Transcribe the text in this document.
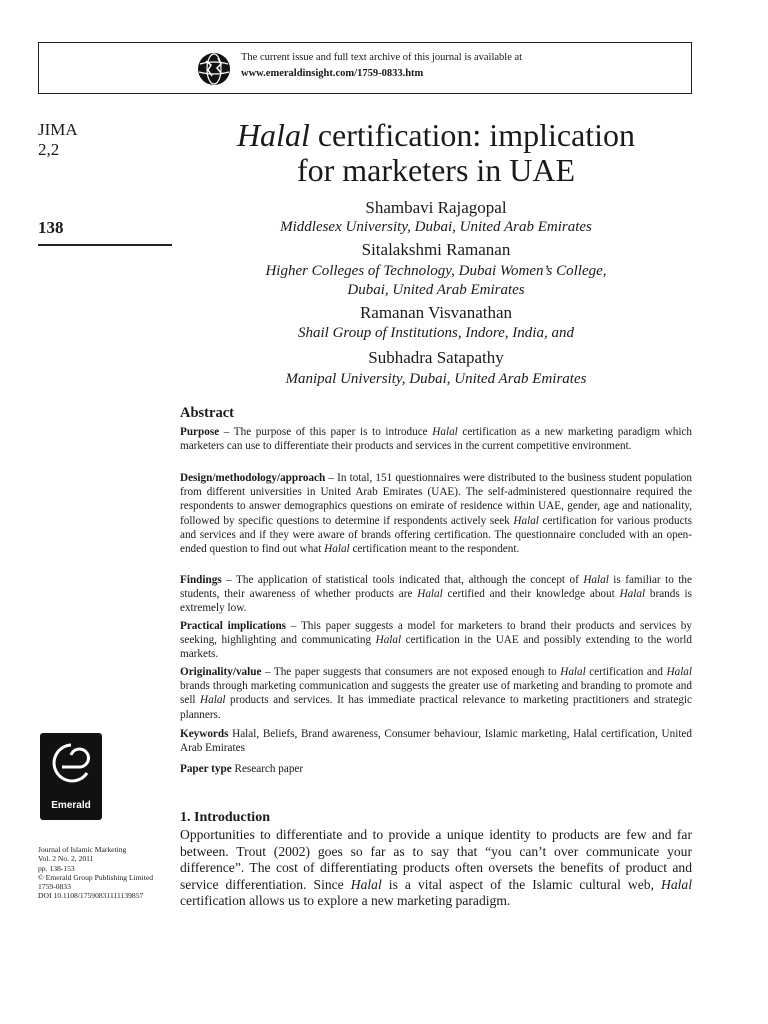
The current issue and full text archive of this journal is available at
www.emeraldinsight.com/1759-0833.htm
JIMA
2,2
138
Halal certification: implication
for marketers in UAE
Shambavi Rajagopal
Middlesex University, Dubai, United Arab Emirates
Sitalakshmi Ramanan
Higher Colleges of Technology, Dubai Women’s College,
Dubai, United Arab Emirates
Ramanan Visvanathan
Shail Group of Institutions, Indore, India, and
Subhadra Satapathy
Manipal University, Dubai, United Arab Emirates
Abstract
Purpose – The purpose of this paper is to introduce Halal certification as a new marketing paradigm which marketers can use to differentiate their products and services in the current competitive environment.
Design/methodology/approach – In total, 151 questionnaires were distributed to the business student population from different universities in United Arab Emirates (UAE). The self-administered questionnaire required the respondents to answer demographics questions on emirate of residence within UAE, gender, age and nationality, followed by specific questions to determine if respondents actively seek Halal certification for various products and services and if they were aware of brands offering certification. The questionnaire concluded with an open-ended question to find out what Halal certification meant to the respondent.
Findings – The application of statistical tools indicated that, although the concept of Halal is familiar to the students, their awareness of whether products are Halal certified and their knowledge about Halal brands is extremely low.
Practical implications – This paper suggests a model for marketers to brand their products and services by seeking, highlighting and communicating Halal certification in the UAE and possibly extending to the world markets.
Originality/value – The paper suggests that consumers are not exposed enough to Halal certification and Halal brands through marketing communication and suggests the greater use of marketing and branding to promote and sell Halal products and services. It has immediate practical relevance to marketing practitioners and strategic planners.
Keywords Halal, Beliefs, Brand awareness, Consumer behaviour, Islamic marketing, Halal certification, United Arab Emirates
Paper type Research paper
Emerald
Journal of Islamic Marketing
Vol. 2 No. 2, 2011
pp. 138-153
© Emerald Group Publishing Limited
1759-0833
DOI 10.1108/17590831111139857
1. Introduction
Opportunities to differentiate and to provide a unique identity to products are few and far between. Trout (2002) goes so far as to say that “you can’t over communicate your difference”. The cost of differentiating products often oversets the benefits of product and service differentiation. Since Halal is a vital aspect of the Islamic cultural web, Halal certification allows us to explore a new marketing paradigm.
